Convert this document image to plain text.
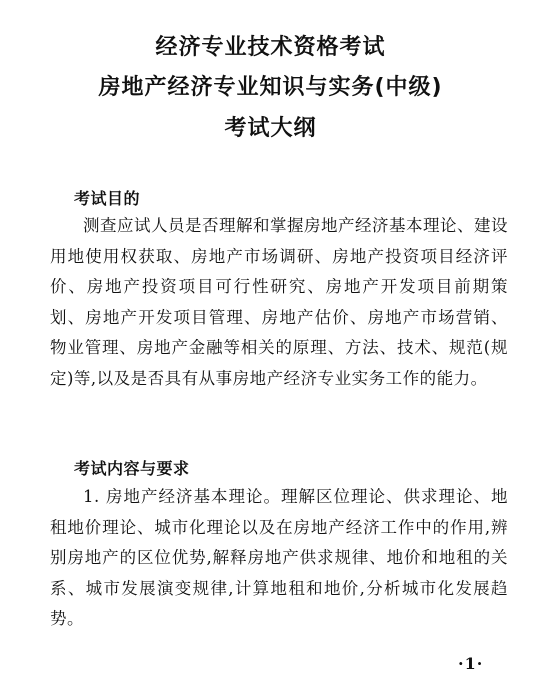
经济专业技术资格考试
房地产经济专业知识与实务(中级)
考试大纲
考试目的

测查应试人员是否理解和掌握房地产经济基本理论、建设用地使用权获取、房地产市场调研、房地产投资项目经济评价、房地产投资项目可行性研究、房地产开发项目前期策划、房地产开发项目管理、房地产估价、房地产市场营销、物业管理、房地产金融等相关的原理、方法、技术、规范(规定)等,以及是否具有从事房地产经济专业实务工作的能力。

考试内容与要求

1. 房地产经济基本理论。理解区位理论、供求理论、地租地价理论、城市化理论以及在房地产经济工作中的作用,辨别房地产的区位优势,解释房地产供求规律、地价和地租的关系、城市发展演变规律,计算地租和地价,分析城市化发展趋势。

·1·
